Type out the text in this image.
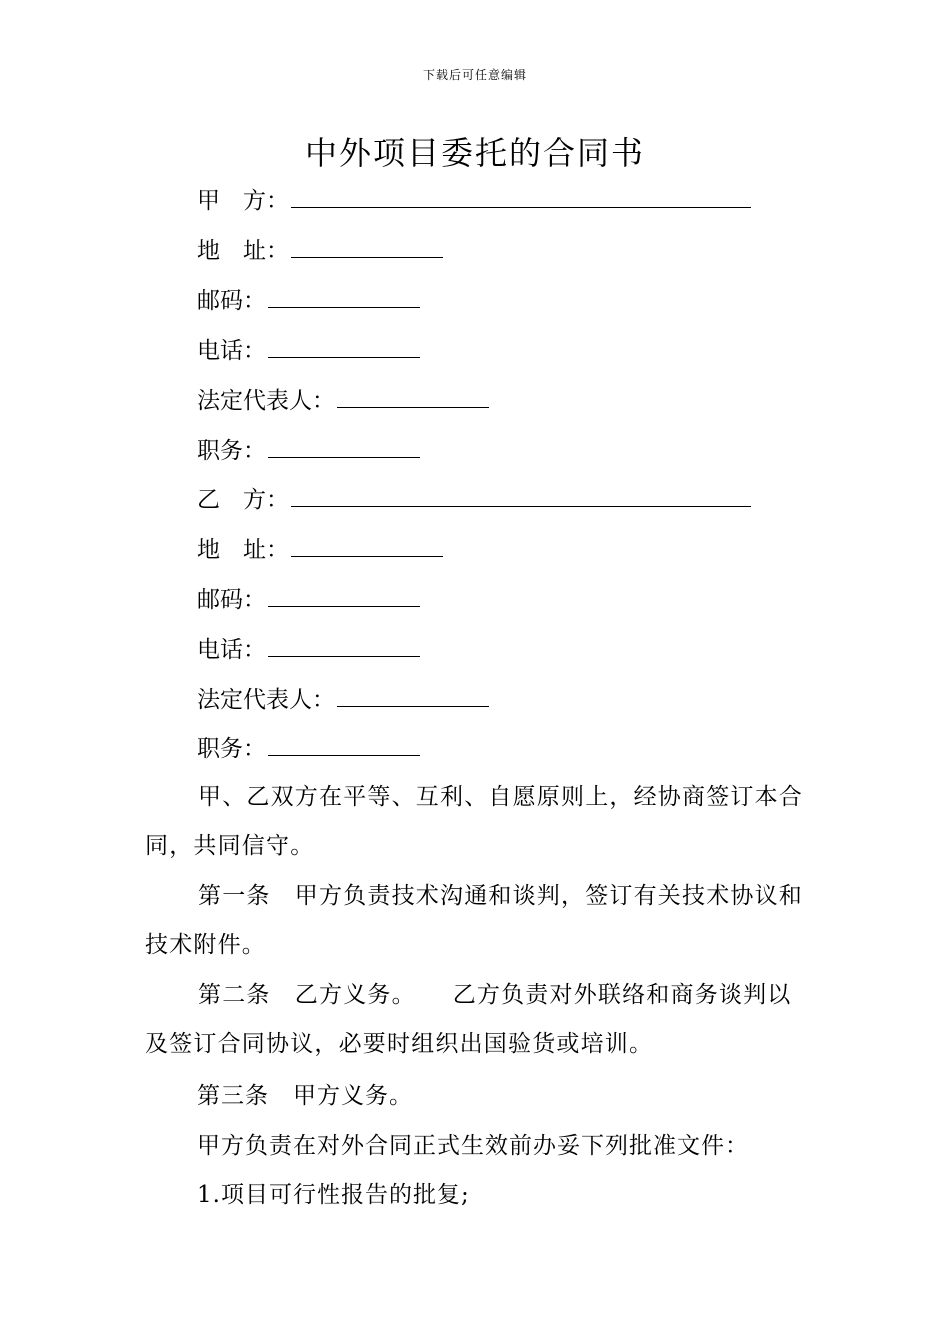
下载后可任意编辑
中外项目委托的合同书
甲　方：
地　址：
邮码：
电话：
法定代表人：
职务：
乙　方：
地　址：
邮码：
电话：
法定代表人：
职务：

甲、乙双方在平等、互利、自愿原则上，经协商签订本合同，共同信守。

第一条　甲方负责技术沟通和谈判，签订有关技术协议和技术附件。

第二条　乙方义务。　　乙方负责对外联络和商务谈判以及签订合同协议，必要时组织出国验货或培训。

第三条　甲方义务。
甲方负责在对外合同正式生效前办妥下列批准文件：
1.项目可行性报告的批复;
